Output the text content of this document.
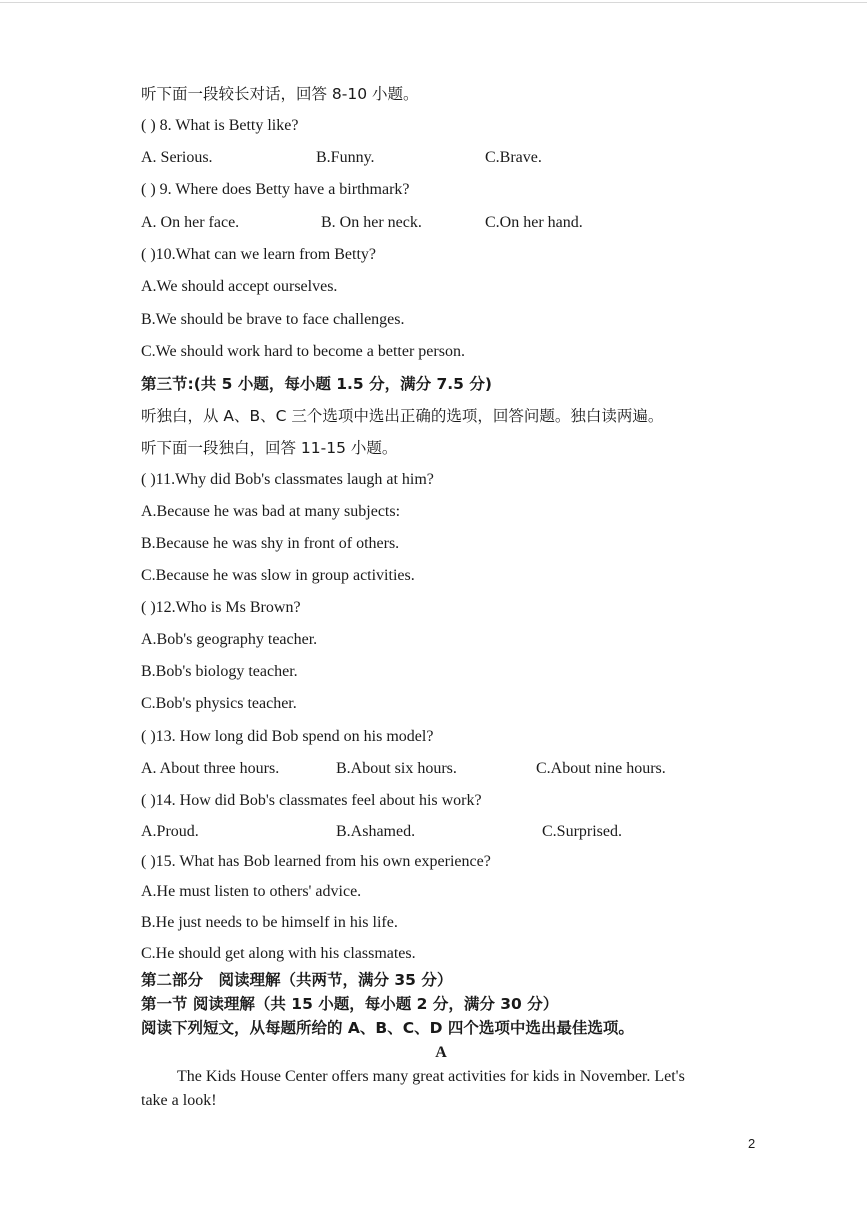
听下面一段较长对话，回答 8-10 小题。
( ) 8. What is Betty like?
A. Serious.	B.Funny.	C.Brave.
( ) 9. Where does Betty have a birthmark?
A. On her face.	B. On her neck.	C.On her hand.
( )10.What can we learn from Betty?
A.We should accept ourselves.
B.We should be brave to face challenges.
C.We should work hard to become a better person.
第三节:(共 5 小题，每小题 1.5 分，满分 7.5 分)
听独白，从 A、B、C 三个选项中选出正确的选项，回答问题。独白读两遍。
听下面一段独白，回答 11-15 小题。
( )11.Why did Bob's classmates laugh at him?
A.Because he was bad at many subjects:
B.Because he was shy in front of others.
C.Because he was slow in group activities.
( )12.Who is Ms Brown?
A.Bob's geography teacher.
B.Bob's biology teacher.
C.Bob's physics teacher.
( )13. How long did Bob spend on his model?
A. About three hours.	B.About six hours.	C.About nine hours.
( )14. How did Bob's classmates feel about his work?
A.Proud.	B.Ashamed.	C.Surprised.
( )15. What has Bob learned from his own experience?
A.He must listen to others' advice.
B.He just needs to be himself in his life.
C.He should get along with his classmates.
第二部分　阅读理解（共两节，满分 35 分）
第一节 阅读理解（共 15 小题，每小题 2 分，满分 30 分）
阅读下列短文，从每题所给的 A、B、C、D 四个选项中选出最佳选项。
A
The Kids House Center offers many great activities for kids in November. Let's
take a look!
2
